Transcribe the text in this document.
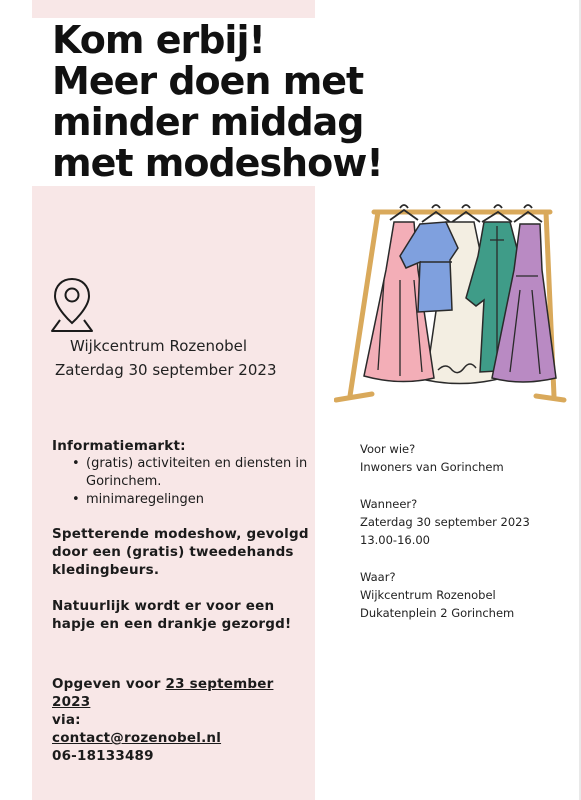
Kom erbij!
Meer doen met
minder middag
met modeshow!
Wijkcentrum Rozenobel
Zaterdag 30 september 2023
Informatiemarkt:
• (gratis) activiteiten en diensten in Gorinchem.
• minimaregelingen
Spetterende modeshow, gevolgd door een (gratis) tweedehands kledingbeurs.
Natuurlijk wordt er voor een hapje en een drankje gezorgd!
Opgeven voor 23 september 2023
via:
contact@rozenobel.nl
06-18133489
Voor wie?
Inwoners van Gorinchem
Wanneer?
Zaterdag 30 september 2023
13.00-16.00
Waar?
Wijkcentrum Rozenobel
Dukatenplein 2 Gorinchem
